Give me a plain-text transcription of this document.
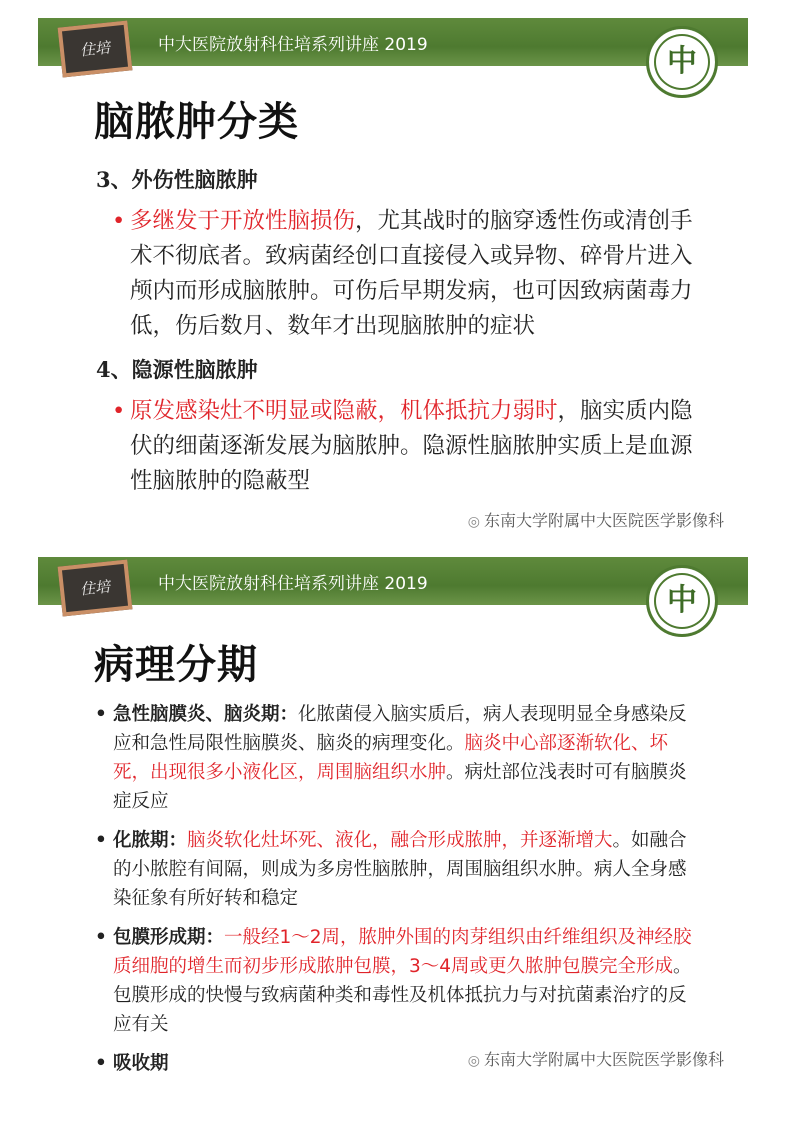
住培	中大医院放射科住培系列讲座 2019	中
脑脓肿分类
3、外伤性脑脓肿
• 多继发于开放性脑损伤，尤其战时的脑穿透性伤或清创手术不彻底者。致病菌经创口直接侵入或异物、碎骨片进入颅内而形成脑脓肿。可伤后早期发病，也可因致病菌毒力低，伤后数月、数年才出现脑脓肿的症状
4、隐源性脑脓肿
• 原发感染灶不明显或隐蔽，机体抵抗力弱时，脑实质内隐伏的细菌逐渐发展为脑脓肿。隐源性脑脓肿实质上是血源性脑脓肿的隐蔽型
◎ 东南大学附属中大医院医学影像科
住培	中大医院放射科住培系列讲座 2019	中
病理分期
• 急性脑膜炎、脑炎期：化脓菌侵入脑实质后，病人表现明显全身感染反应和急性局限性脑膜炎、脑炎的病理变化。脑炎中心部逐渐软化、坏死，出现很多小液化区，周围脑组织水肿。病灶部位浅表时可有脑膜炎症反应
• 化脓期：脑炎软化灶坏死、液化，融合形成脓肿，并逐渐增大。如融合的小脓腔有间隔，则成为多房性脑脓肿，周围脑组织水肿。病人全身感染征象有所好转和稳定
• 包膜形成期：一般经1～2周，脓肿外围的肉芽组织由纤维组织及神经胶质细胞的增生而初步形成脓肿包膜，3～4周或更久脓肿包膜完全形成。包膜形成的快慢与致病菌种类和毒性及机体抵抗力与对抗菌素治疗的反应有关
• 吸收期	◎ 东南大学附属中大医院医学影像科
